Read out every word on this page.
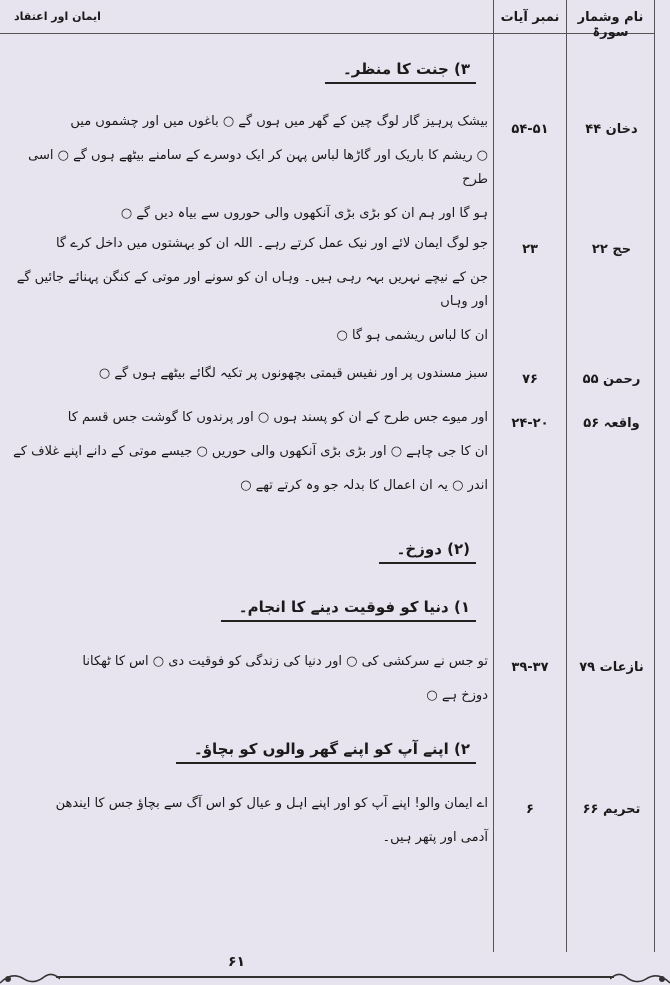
ایمان اور اعتقاد	نمبر آیات	نام وشمار سورۃ
۳) جنت کا منظر۔
دخان ۴۴
۵۴-۵۱

بیشک پرہیز گار لوگ چین کے گھر میں ہوں گے ○ باغوں میں اور چشموں میں

○ ریشم کا باریک اور گاڑھا لباس پہن کر ایک دوسرے کے سامنے بیٹھے ہوں گے ○ اسی طرح

ہو گا اور ہم ان کو بڑی بڑی آنکھوں والی حوروں سے بیاہ دیں گے ○

حج ۲۲
۲۳

جو لوگ ایمان لائے اور نیک عمل کرتے رہے۔ اللہ ان کو بہشتوں میں داخل کرے گا

جن کے نیچے نہریں بہہ رہی ہیں۔ وہاں ان کو سونے اور موتی کے کنگن پہنائے جائیں گے اور وہاں

ان کا لباس ریشمی ہو گا ○

رحمن ۵۵
۷۶

سبز مسندوں پر اور نفیس قیمتی بچھونوں پر تکیہ لگائے بیٹھے ہوں گے ○

واقعہ ۵۶
۲۴-۲۰

اور میوے جس طرح کے ان کو پسند ہوں ○ اور پرندوں کا گوشت جس قسم کا

ان کا جی چاہے ○ اور بڑی بڑی آنکھوں والی حوریں ○ جیسے موتی کے دانے اپنے غلاف کے

اندر ○ یہ ان اعمال کا بدلہ جو وہ کرتے تھے ○

(۲) دوزخ۔
۱) دنیا کو فوقیت دینے کا انجام۔
نازعات ۷۹
۳۹-۳۷

تو جس نے سرکشی کی ○ اور دنیا کی زندگی کو فوقیت دی ○ اس کا ٹھکانا

دوزخ ہے ○

۲) اپنے آپ کو اپنے گھر والوں کو بچاؤ۔
تحریم ۶۶
۶

اے ایمان والو! اپنے آپ کو اور اپنے اہل و عیال کو اس آگ سے بچاؤ جس کا ایندھن

آدمی اور پتھر ہیں۔

۶۱
